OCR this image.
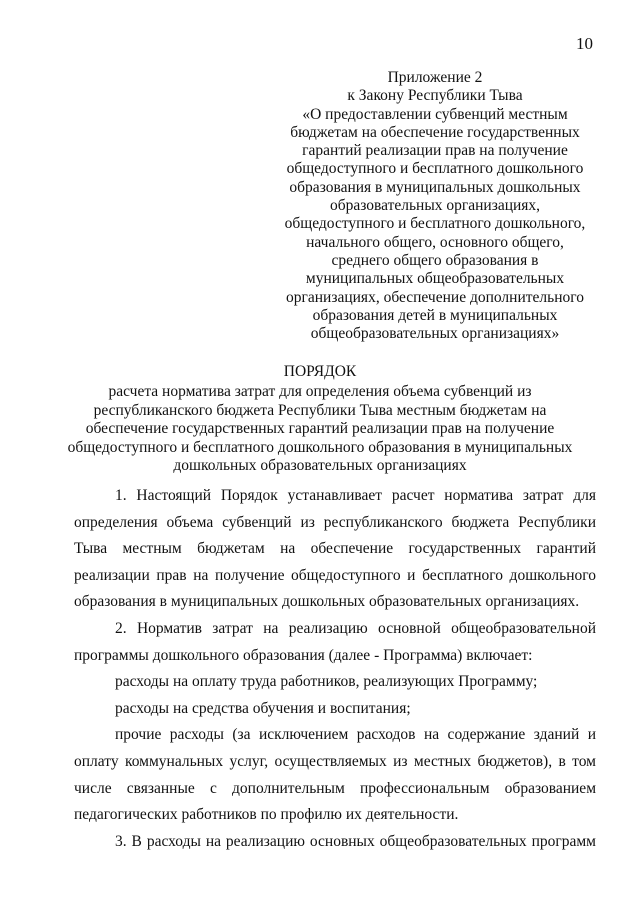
10
Приложение 2
к Закону Республики Тыва
«О предоставлении субвенций местным
бюджетам на обеспечение государственных
гарантий реализации прав на получение
общедоступного и бесплатного дошкольного
образования в муниципальных дошкольных
образовательных организациях,
общедоступного и бесплатного дошкольного,
начального общего, основного общего,
среднего общего образования в
муниципальных общеобразовательных
организациях, обеспечение дополнительного
образования детей в муниципальных
общеобразовательных организациях»
ПОРЯДОК
расчета норматива затрат для определения объема субвенций из
республиканского бюджета Республики Тыва местным бюджетам на
обеспечение государственных гарантий реализации прав на получение
общедоступного и бесплатного дошкольного образования в муниципальных
дошкольных образовательных организациях
1. Настоящий Порядок устанавливает расчет норматива затрат для
определения объема субвенций из республиканского бюджета Республики
Тыва местным бюджетам на обеспечение государственных гарантий
реализации прав на получение общедоступного и бесплатного дошкольного
образования в муниципальных дошкольных образовательных организациях.
2. Норматив затрат на реализацию основной общеобразовательной
программы дошкольного образования (далее - Программа) включает:
расходы на оплату труда работников, реализующих Программу;
расходы на средства обучения и воспитания;
прочие расходы (за исключением расходов на содержание зданий и
оплату коммунальных услуг, осуществляемых из местных бюджетов), в том
числе связанные с дополнительным профессиональным образованием
педагогических работников по профилю их деятельности.
3. В расходы на реализацию основных общеобразовательных программ
